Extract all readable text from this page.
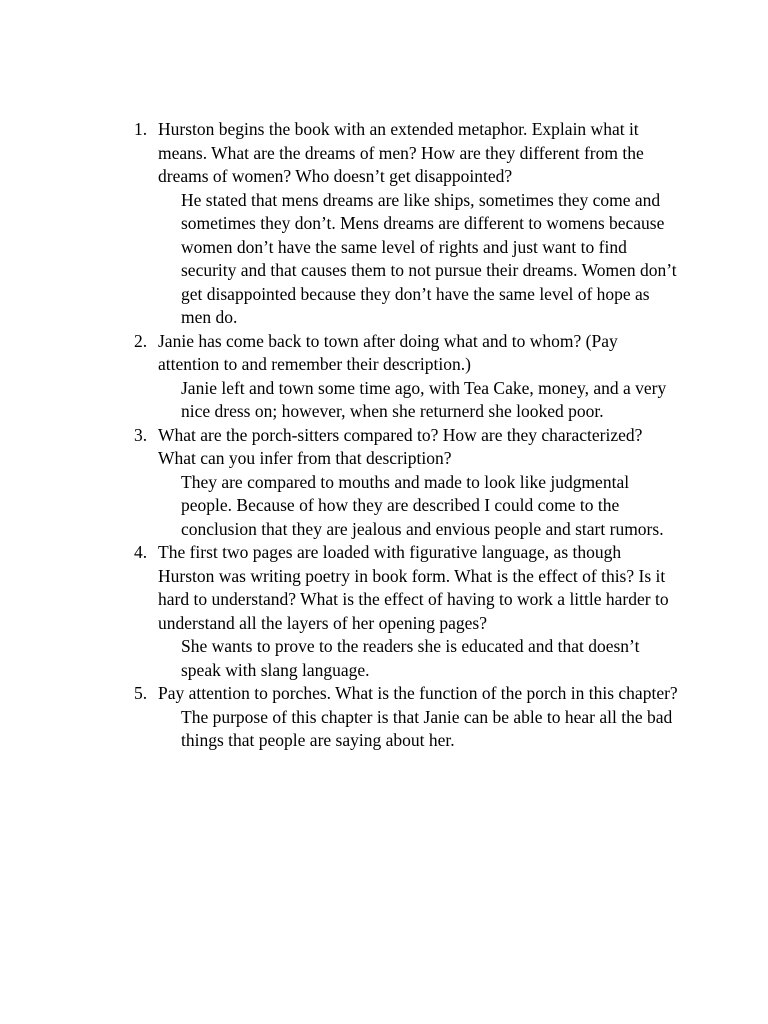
1. Hurston begins the book with an extended metaphor. Explain what it means. What are the dreams of men? How are they different from the dreams of women? Who doesn’t get disappointed?

He stated that mens dreams are like ships, sometimes they come and sometimes they don’t. Mens dreams are different to womens because women don’t have the same level of rights and just want to find security and that causes them to not pursue their dreams. Women don’t get disappointed because they don’t have the same level of hope as men do.

2. Janie has come back to town after doing what and to whom? (Pay attention to and remember their description.)

Janie left and town some time ago, with Tea Cake, money, and a very nice dress on; however, when she returnerd she looked poor.

3. What are the porch-sitters compared to? How are they characterized? What can you infer from that description?

They are compared to mouths and made to look like judgmental people. Because of how they are described I could come to the conclusion that they are jealous and envious people and start rumors.

4. The first two pages are loaded with figurative language, as though Hurston was writing poetry in book form. What is the effect of this? Is it hard to understand? What is the effect of having to work a little harder to understand all the layers of her opening pages?

She wants to prove to the readers she is educated and that doesn’t speak with slang language.

5. Pay attention to porches. What is the function of the porch in this chapter?

The purpose of this chapter is that Janie can be able to hear all the bad things that people are saying about her.
